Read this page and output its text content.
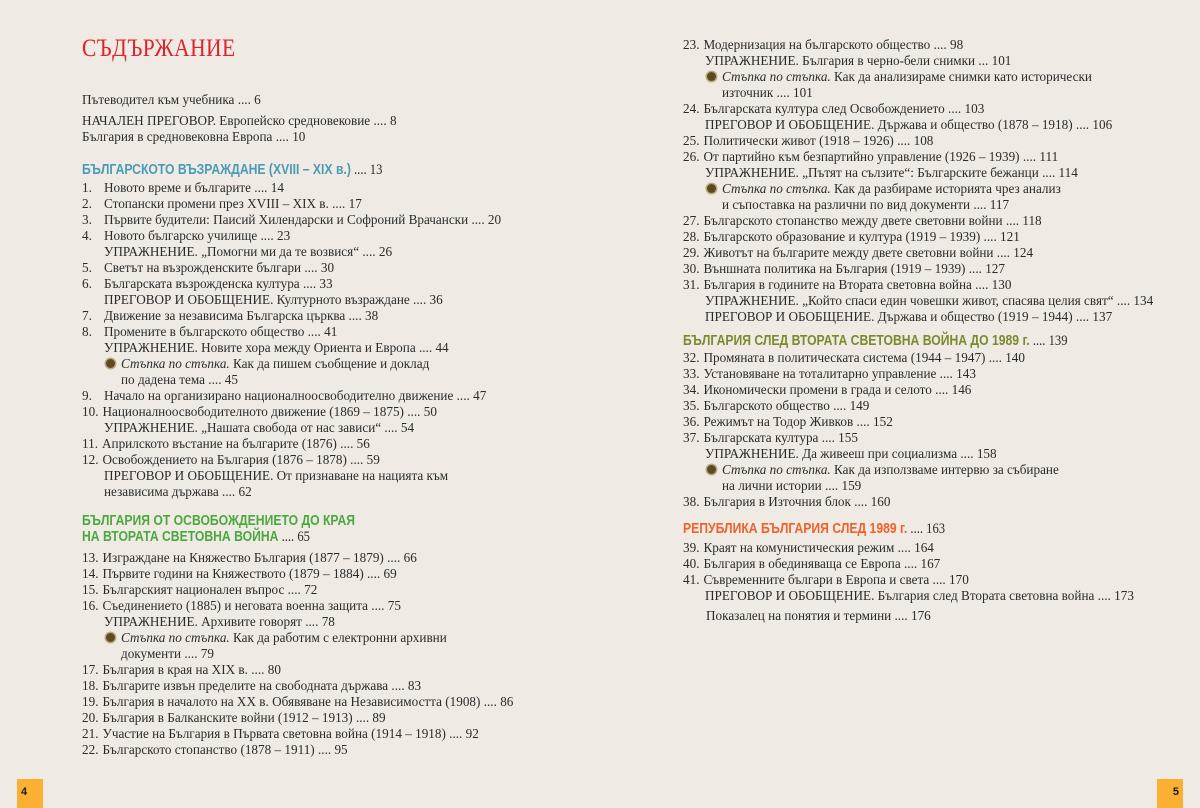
СЪДЪРЖАНИЕ
Пътеводител към учебника .... 6
НАЧАЛЕН ПРЕГОВОР. Европейско средновековие .... 8
България в средновековна Европа .... 10
БЪЛГАРСКОТО ВЪЗРАЖДАНЕ (XVIII – XIX в.) .... 13
1. Новото време и българите .... 14
2. Стопански промени през XVIII – XIX в. .... 17
3. Първите будители: Паисий Хилендарски и Софроний Врачански .... 20
4. Новото българско училище .... 23
УПРАЖНЕНИЕ. „Помогни ми да те возвися“ .... 26
5. Светът на възрожденските българи .... 30
6. Българската възрожденска култура .... 33
ПРЕГОВОР И ОБОБЩЕНИЕ. Културното възраждане .... 36
7. Движение за независима Българска църква .... 38
8. Промените в българското общество .... 41
УПРАЖНЕНИЕ. Новите хора между Ориента и Европа .... 44
Стъпка по стъпка. Как да пишем съобщение и доклад
по дадена тема .... 45
9. Начало на организирано националноосвободително движение .... 47
10. Националноосвободителното движение (1869 – 1875) .... 50
УПРАЖНЕНИЕ. „Нашата свобода от нас зависи“ .... 54
11. Априлското въстание на българите (1876) .... 56
12. Освобождението на България (1876 – 1878) .... 59
ПРЕГОВОР И ОБОБЩЕНИЕ. От признаване на нацията към
независима държава .... 62
БЪЛГАРИЯ ОТ ОСВОБОЖДЕНИЕТО ДО КРАЯ
НА ВТОРАТА СВЕТОВНА ВОЙНА .... 65
13. Изграждане на Княжество България (1877 – 1879) .... 66
14. Първите години на Княжеството (1879 – 1884) .... 69
15. Българският национален въпрос .... 72
16. Съединението (1885) и неговата военна защита .... 75
УПРАЖНЕНИЕ. Архивите говорят .... 78
Стъпка по стъпка. Как да работим с електронни архивни
документи .... 79
17. България в края на XIX в. .... 80
18. Българите извън пределите на свободната държава .... 83
19. България в началото на XX в. Обявяване на Независимостта (1908) .... 86
20. България в Балканските войни (1912 – 1913) .... 89
21. Участие на България в Първата световна война (1914 – 1918) .... 92
22. Българското стопанство (1878 – 1911) .... 95
4
23. Модернизация на българското общество .... 98
УПРАЖНЕНИЕ. България в черно-бели снимки ... 101
Стъпка по стъпка. Как да анализираме снимки като исторически
източник .... 101
24. Българската култура след Освобождението .... 103
ПРЕГОВОР И ОБОБЩЕНИЕ. Държава и общество (1878 – 1918) .... 106
25. Политически живот (1918 – 1926) .... 108
26. От партийно към безпартийно управление (1926 – 1939) .... 111
УПРАЖНЕНИЕ. „Пътят на сълзите“: Българските бежанци .... 114
Стъпка по стъпка. Как да разбираме историята чрез анализ
и съпоставка на различни по вид документи .... 117
27. Българското стопанство между двете световни войни .... 118
28. Българското образование и култура (1919 – 1939) .... 121
29. Животът на българите между двете световни войни .... 124
30. Външната политика на България (1919 – 1939) .... 127
31. България в годините на Втората световна война .... 130
УПРАЖНЕНИЕ. „Който спаси един човешки живот, спасява целия свят“ .... 134
ПРЕГОВОР И ОБОБЩЕНИЕ. Държава и общество (1919 – 1944) .... 137
БЪЛГАРИЯ СЛЕД ВТОРАТА СВЕТОВНА ВОЙНА ДО 1989 г. .... 139
32. Промяната в политическата система (1944 – 1947) .... 140
33. Установяване на тоталитарно управление .... 143
34. Икономически промени в града и селото .... 146
35. Българското общество .... 149
36. Режимът на Тодор Живков .... 152
37. Българската култура .... 155
УПРАЖНЕНИЕ. Да живееш при социализма .... 158
Стъпка по стъпка. Как да използваме интервю за събиране
на лични истории .... 159
38. България в Източния блок .... 160
РЕПУБЛИКА БЪЛГАРИЯ СЛЕД 1989 г. .... 163
39. Краят на комунистическия режим .... 164
40. България в обединяваща се Европа .... 167
41. Съвременните българи в Европа и света .... 170
ПРЕГОВОР И ОБОБЩЕНИЕ. България след Втората световна война .... 173
Показалец на понятия и термини .... 176
5
